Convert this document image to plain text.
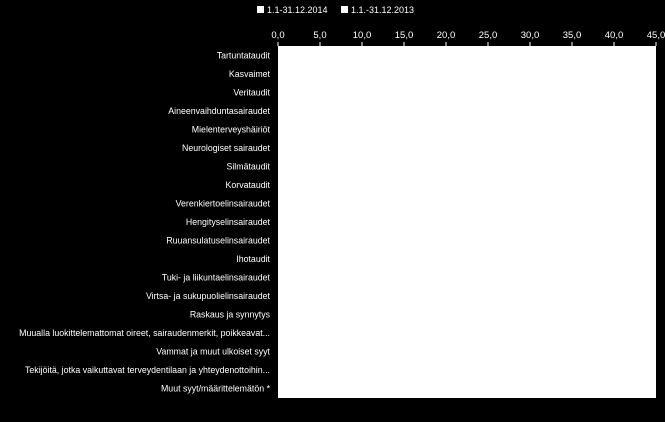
1.1-31.12.2014	1.1.-31.12.2013
0,0	5,0	10,0 15,0 20,0 25,0 30,0 35,0 40,0 45,0
Tartuntataudit
Kasvaimet
Veritaudit
Aineenvaihduntasairaudet
Mielenterveyshäiriöt
Neurologiset sairaudet
Silmätaudit
Korvataudit
Verenkiertoelinsairaudet
Hengityselinsairaudet
Ruuansulatuselinsairaudet
Ihotaudit
Tuki- ja liikuntaelinsairaudet
Virtsa- ja sukupuolielinsairaudet
Raskaus ja synnytys
Muualla luokittelemattomat oireet, sairaudenmerkit, poikkeavat...
Vammat ja muut ulkoiset syyt
Tekijöitä, jotka vaikuttavat terveydentilaan ja yhteydenottoihin...
Muut syyt/määrittelemätön *
